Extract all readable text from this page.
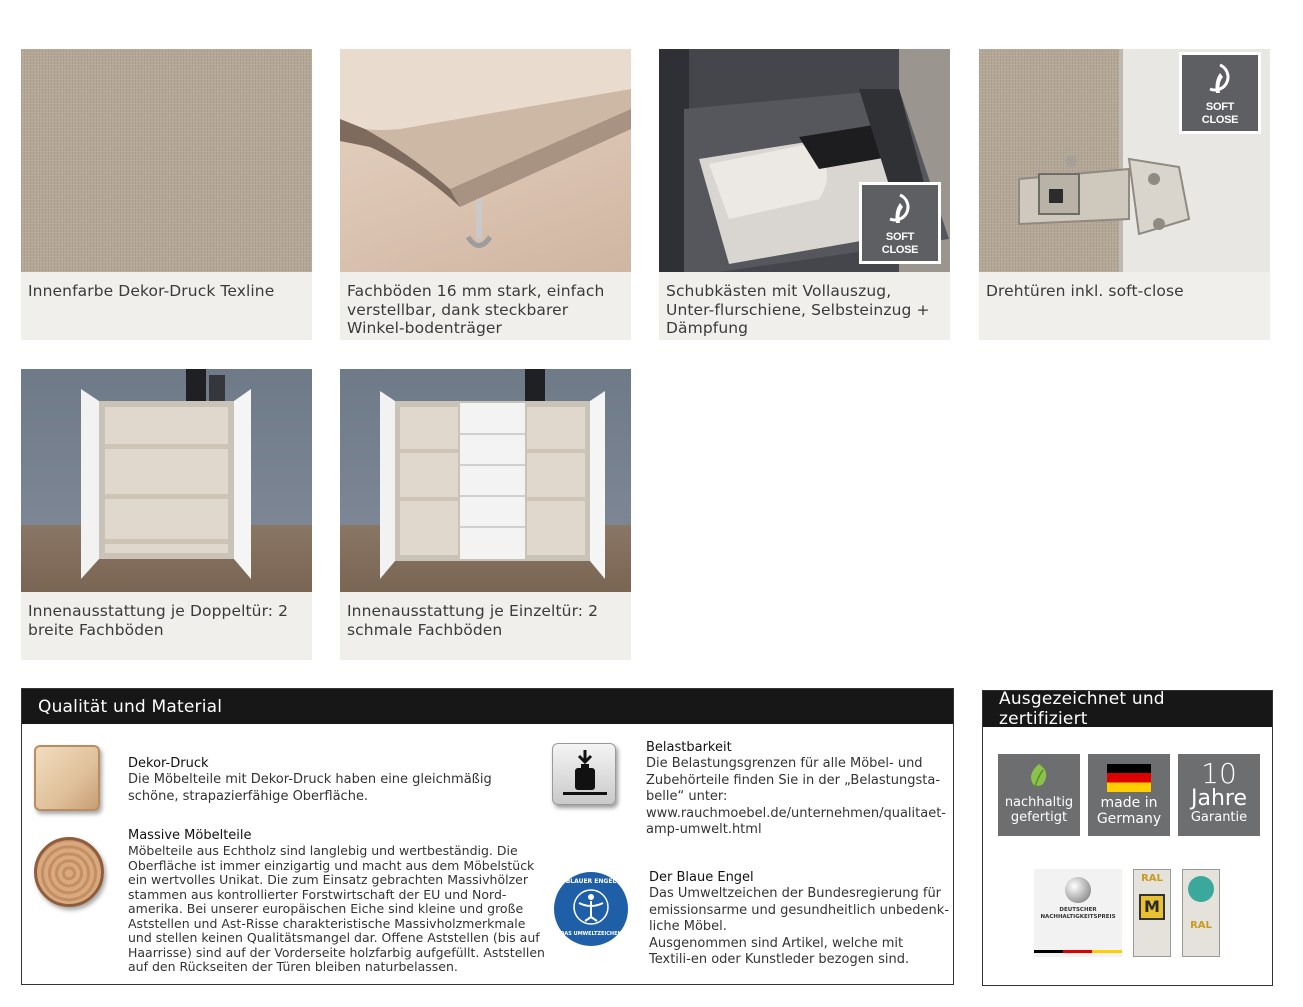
Innenfarbe Dekor-Druck Texline	Fachböden 16 mm stark, einfach verstellbar, dank steckbarer Winkel-bodenträger
SOFT
CLOSE
Schubkästen mit Vollauszug, Unter-flurschiene, Selbsteinzug + Dämpfung
SOFT
CLOSE
Drehtüren inkl. soft-close
Innenausstattung je Doppeltür: 2 breite Fachböden
Innenausstattung je Einzeltür: 2 schmale Fachböden
Qualität und Material
Dekor-Druck

Die Möbelteile mit Dekor-Druck haben eine gleichmäßig schöne, strapazierfähige Oberfläche.

Massive Möbelteile

Möbelteile aus Echtholz sind langlebig und wertbeständig. Die Oberfläche ist immer einzigartig und macht aus dem Möbelstück ein wertvolles Unikat. Die zum Einsatz gebrachten Massivhölzer stammen aus kontrollierter Forstwirtschaft der EU und Nord-amerika. Bei unserer europäischen Eiche sind kleine und große Aststellen und Ast-Risse charakteristische Massivholzmerkmale und stellen keinen Qualitätsmangel dar. Offene Aststellen (bis auf Haarrisse) sind auf der Vorderseite holzfarbig aufgefüllt. Aststellen auf den Rückseiten der Türen bleiben naturbelassen.

Belastbarkeit

Die Belastungsgrenzen für alle Möbel- und Zubehörteile finden Sie in der „Belastungsta-belle“ unter: www.rauchmoebel.de/unternehmen/qualitaet-amp-umwelt.html

BLAUER ENGEL
DAS UMWELTZEICHEN
Der Blaue Engel

Das Umweltzeichen der Bundesregierung für emissionsarme und gesundheitlich unbedenk-liche Möbel.

Ausgenommen sind Artikel, welche mit Textili-en oder Kunstleder bezogen sind.

Ausgezeichnet und zertifiziert
nachhaltig
gefertigt
made in
Germany
10
Jahre
Garantie
DEUTSCHER
NACHHALTIGKEITSPREIS
RAL
M
RAL
